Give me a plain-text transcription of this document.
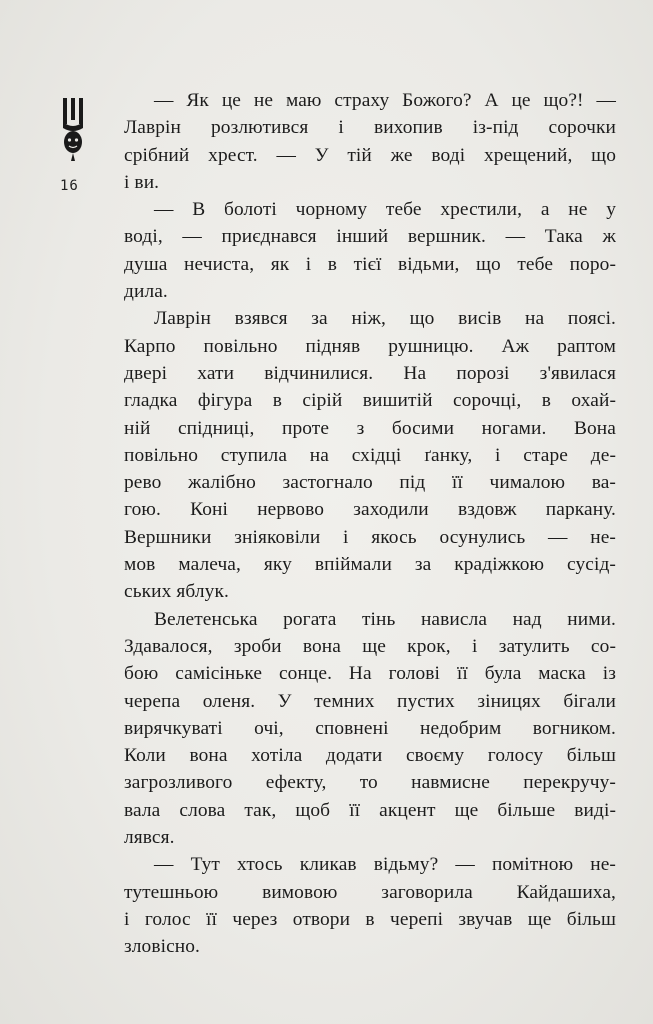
16
— Як це не маю страху Божого? А це що?! —
Лаврін розлютився і вихопив із-під сорочки
срібний хрест. — У тій же воді хрещений, що
і ви.
— В болоті чорному тебе хрестили, а не у
воді, — приєднався інший вершник. — Така ж
душа нечиста, як і в тієї відьми, що тебе поро-
дила.
Лаврін взявся за ніж, що висів на поясі.
Карпо повільно підняв рушницю. Аж раптом
двері хати відчинилися. На порозі з'явилася
гладка фігура в сірій вишитій сорочці, в охай-
ній спідниці, проте з босими ногами. Вона
повільно ступила на східці ґанку, і старе де-
рево жалібно застогнало під її чималою ва-
гою. Коні нервово заходили вздовж паркану.
Вершники зніяковіли і якось осунулись — не-
мов малеча, яку впіймали за крадіжкою сусід-
ських яблук.
Велетенська рогата тінь нависла над ними.
Здавалося, зроби вона ще крок, і затулить со-
бою самісіньке сонце. На голові її була маска із
черепа оленя. У темних пустих зіницях бігали
вирячкуваті очі, сповнені недобрим вогником.
Коли вона хотіла додати своєму голосу більш
загрозливого ефекту, то навмисне перекручу-
вала слова так, щоб її акцент ще більше виді-
лявся.
— Тут хтось кликав відьму? — помітною не-
тутешньою вимовою заговорила Кайдашиха,
і голос її через отвори в черепі звучав ще більш
зловісно.
